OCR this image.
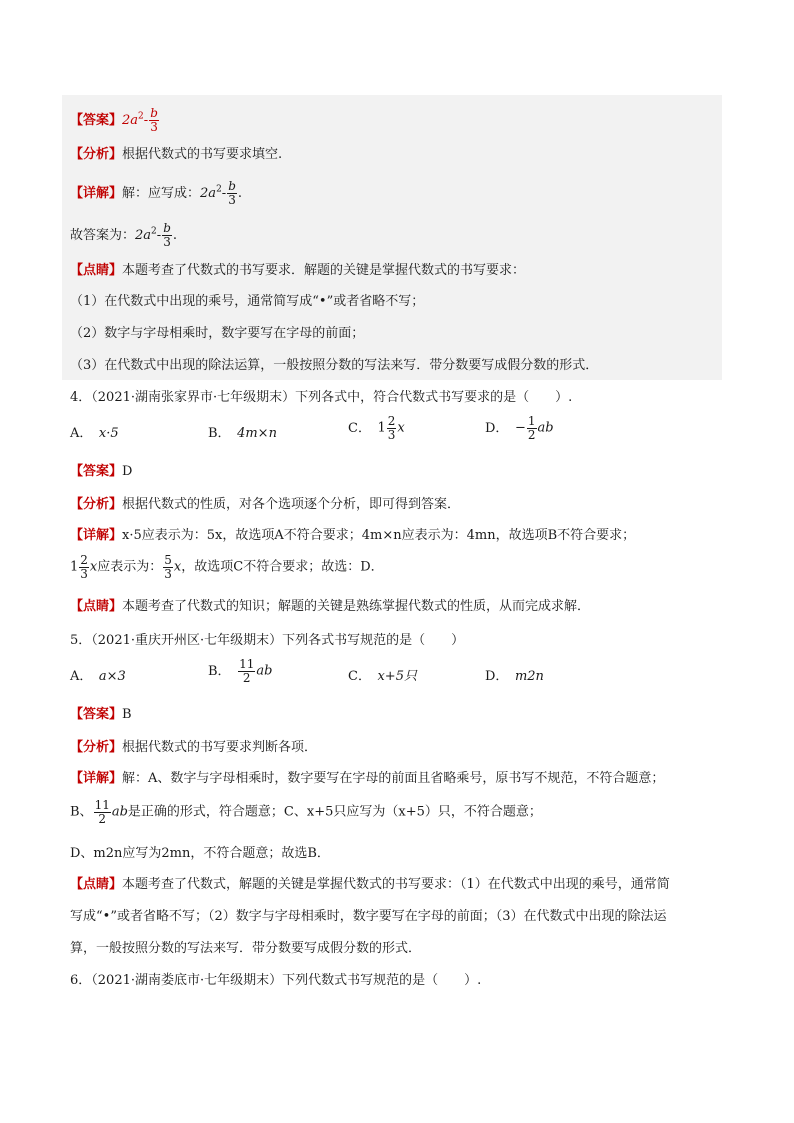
【答案】$2a^2- \frac{b}{3}$
【分析】根据代数式的书写要求填空.
【详解】解：应写成：$2a^2- \frac{b}{3}$ .
故答案为：$2a^2- \frac{b}{3}$ .
【点睛】本题考查了代数式的书写要求．解题的关键是掌握代数式的书写要求：
（1）在代数式中出现的乘号，通常简写成“•”或者省略不写；
（2）数字与字母相乘时，数字要写在字母的前面；
（3）在代数式中出现的除法运算，一般按照分数的写法来写．带分数要写成假分数的形式．
4．（2021·湖南张家界市·七年级期末）下列各式中，符合代数式书写要求的是（　　）.
A．　 x·5	B．　 4m×n	C．　 $1 \frac{2}{3}$ x	D．　 − $\frac{1}{2}$ ab
【答案】D
【分析】根据代数式的性质，对各个选项逐个分析，即可得到答案．
【详解】x·5应表示为：5x，故选项A不符合要求；4m×n应表示为：4mn，故选项B不符合要求；
$1 \frac{2}{3}$ x应表示为： $\frac{5}{3}$ x，故选项C不符合要求；故选：D．
【点睛】本题考查了代数式的知识；解题的关键是熟练掌握代数式的性质，从而完成求解．
5．（2021·重庆开州区·七年级期末）下列各式书写规范的是（　　）
A．　 a×3	B．　 $\frac{11}{2}$ ab	C．　 x+5只	D．　 m2n
【答案】B
【分析】根据代数式的书写要求判断各项．
【详解】解：A、数字与字母相乘时，数字要写在字母的前面且省略乘号，原书写不规范，不符合题意；
B、 $\frac{11}{2}$ ab是正确的形式，符合题意；C、x+5只应写为（x+5）只，不符合题意；
D、m2n应写为2mn，不符合题意；故选B．
【点睛】本题考查了代数式，解题的关键是掌握代数式的书写要求：（1）在代数式中出现的乘号，通常简
写成“•”或者省略不写；（2）数字与字母相乘时，数字要写在字母的前面；（3）在代数式中出现的除法运
算，一般按照分数的写法来写．带分数要写成假分数的形式．
6．（2021·湖南娄底市·七年级期末）下列代数式书写规范的是（　　）.
